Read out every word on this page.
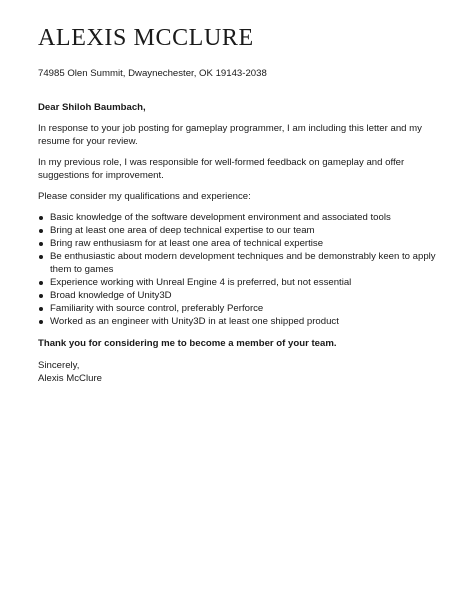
ALEXIS MCCLURE
74985 Olen Summit, Dwaynechester, OK 19143-2038

Dear Shiloh Baumbach,

In response to your job posting for gameplay programmer, I am including this letter and my resume for your review.

In my previous role, I was responsible for well-formed feedback on gameplay and offer suggestions for improvement.

Please consider my qualifications and experience:

Basic knowledge of the software development environment and associated tools
Bring at least one area of deep technical expertise to our team
Bring raw enthusiasm for at least one area of technical expertise
Be enthusiastic about modern development techniques and be demonstrably keen to apply them to games
Experience working with Unreal Engine 4 is preferred, but not essential
Broad knowledge of Unity3D
Familiarity with source control, preferably Perforce
Worked as an engineer with Unity3D in at least one shipped product

Thank you for considering me to become a member of your team.

Sincerely,

Alexis McClure
